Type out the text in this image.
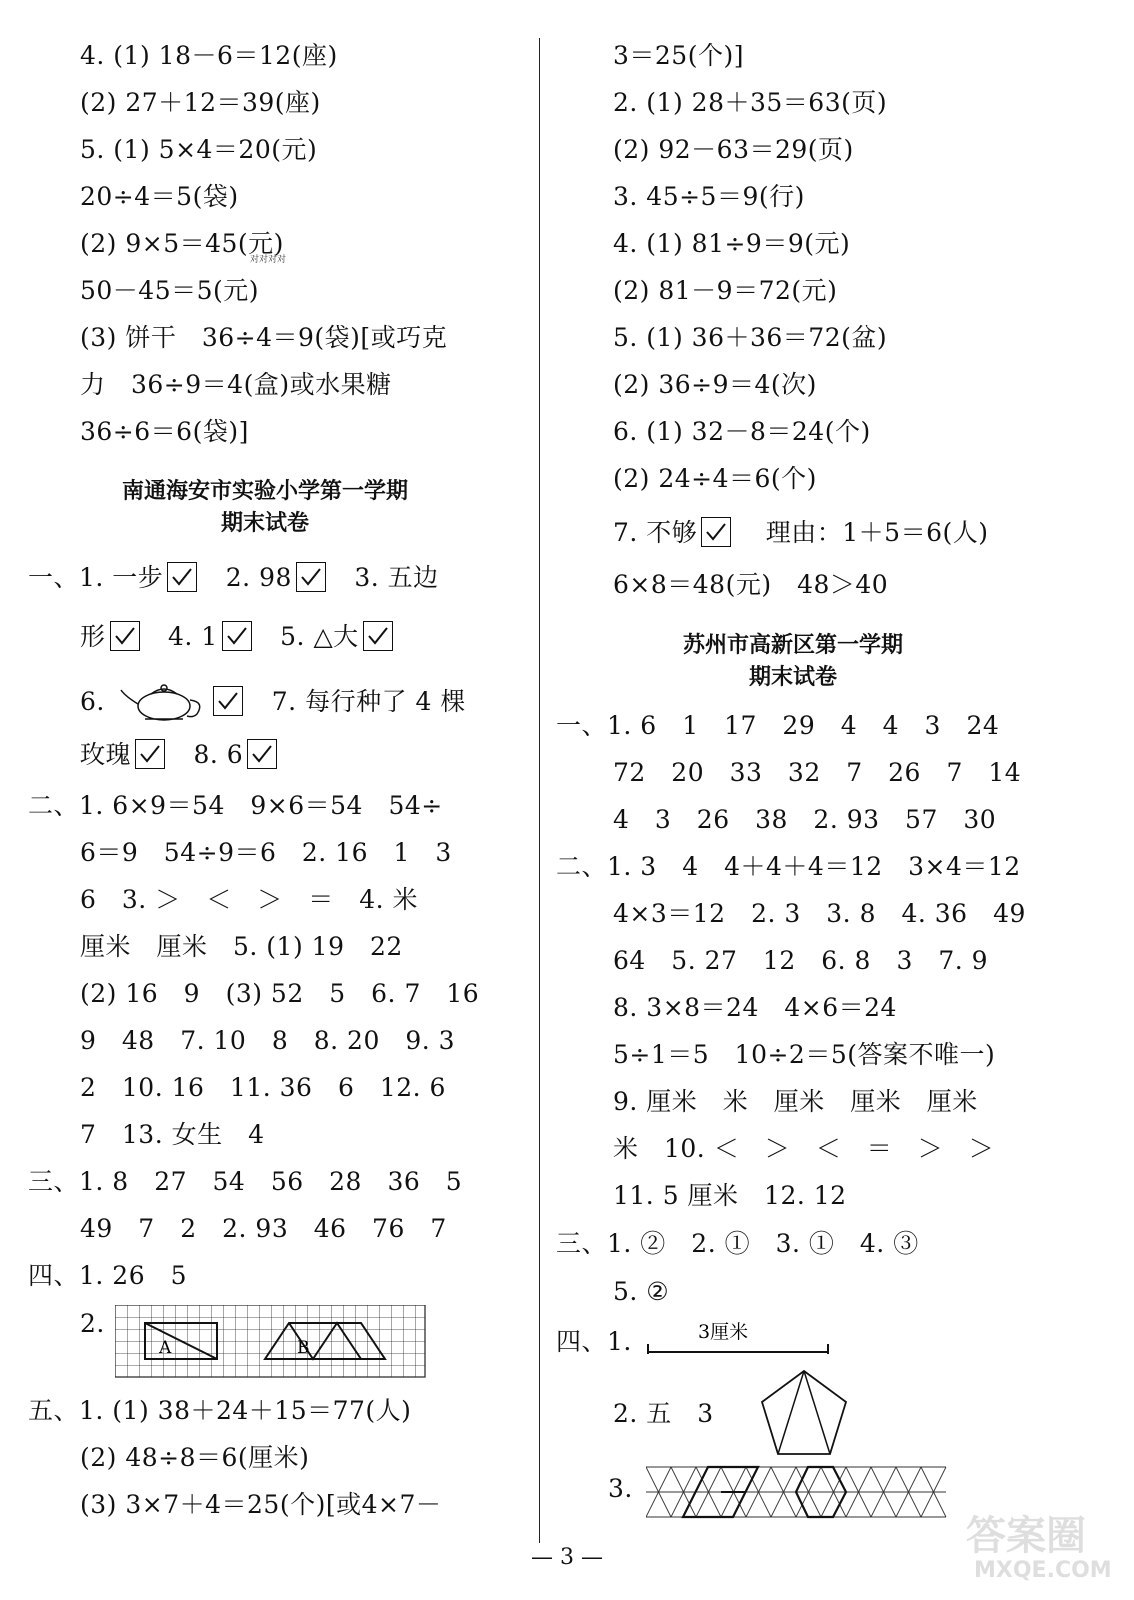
4. (1) 18－6＝12(座)
(2) 27＋12＝39(座)
5. (1) 5×4＝20(元)
20÷4＝5(袋)
(2) 9×5＝45(元)
对对对对
50－45＝5(元)
(3) 饼干　36÷4＝9(袋)[或巧克
力　36÷9＝4(盒)或水果糖
36÷6＝6(袋)]
南通海安市实验小学第一学期
期末试卷
一、1. 一步 2. 98 3. 五边
形 4. 1 5. △大
6.	7. 每行种了 4 棵
玫瑰 8. 6
二、1. 6×9＝54　9×6＝54　54÷
6＝9　54÷9＝6　2. 16　1　3
6　3. ＞　＜　＞　＝　4. 米
厘米　厘米　5. (1) 19　22
(2) 16　9　(3) 52　5　6. 7　16
9　48　7. 10　8　8. 20　9. 3
2　10. 16　11. 36　6　12. 6
7　13. 女生　4
三、1. 8　27　54　56　28　36　5
49　7　2　2. 93　46　76　7
四、1. 26　5
2.
A	B
五、1. (1) 38＋24＋15＝77(人)
(2) 48÷8＝6(厘米)
(3) 3×7＋4＝25(个)[或4×7－
3＝25(个)]
2. (1) 28＋35＝63(页)
(2) 92－63＝29(页)
3. 45÷5＝9(行)
4. (1) 81÷9＝9(元)
(2) 81－9＝72(元)
5. (1) 36＋36＝72(盆)
(2) 36÷9＝4(次)
6. (1) 32－8＝24(个)
(2) 24÷4＝6(个)
7. 不够	理由：1＋5＝6(人)
6×8＝48(元)　48＞40
苏州市高新区第一学期
期末试卷
一、1. 6　1　17　29　4　4　3　24
72　20　33　32　7　26　7　14
4　3　26　38　2. 93　57　30
二、1. 3　4　4＋4＋4＝12　3×4＝12
4×3＝12　2. 3　3. 8　4. 36　49
64　5. 27　12　6. 8　3　7. 9
8. 3×8＝24　4×6＝24
5÷1＝5　10÷2＝5(答案不唯一)
9. 厘米　米　厘米　厘米　厘米
米　10. ＜　＞　＜　＝　＞　＞
11. 5 厘米　12. 12
三、1. ②　2. ①　3. ①　4. ③
5. ②
四、1.	3厘米
2. 五　3
3.
— 3 —	答案圈
MXQE.COM
